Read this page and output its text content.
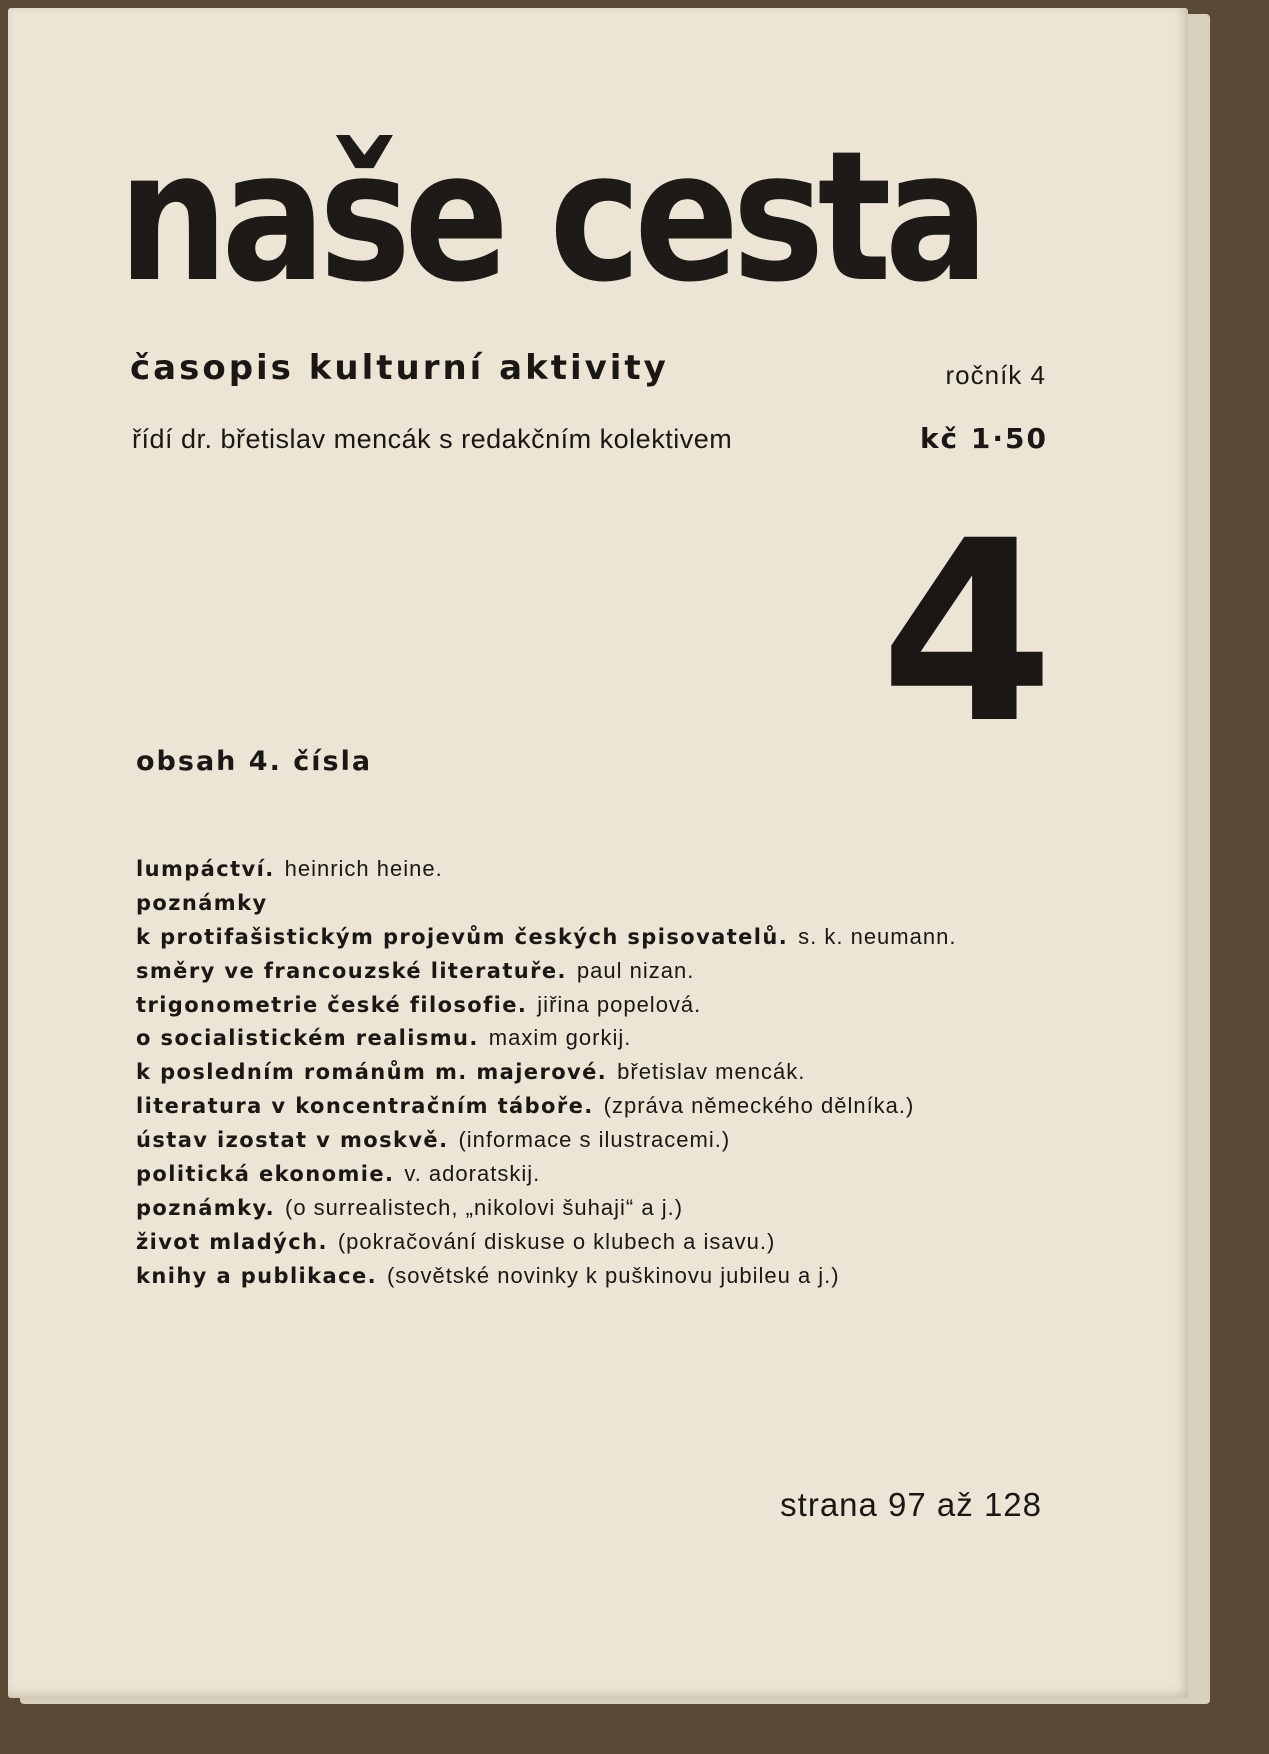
naše cesta
časopis kulturní aktivity	ročník 4
řídí dr. břetislav mencák s redakčním kolektivem	kč 1·50
4
obsah 4. čísla
lumpáctví. heinrich heine.
poznámky
k protifašistickým projevům českých spisovatelů. s. k. neumann.
směry ve francouzské literatuře. paul nizan.
trigonometrie české filosofie. jiřina popelová.
o socialistickém realismu. maxim gorkij.
k posledním románům m. majerové. břetislav mencák.
literatura v koncentračním táboře. (zpráva německého dělníka.)
ústav izostat v moskvě. (informace s ilustracemi.)
politická ekonomie. v. adoratskij.
poznámky. (o surrealistech, „nikolovi šuhaji“ a j.)
život mladých. (pokračování diskuse o klubech a isavu.)
knihy a publikace. (sovětské novinky k puškinovu jubileu a j.)
strana 97 až 128
